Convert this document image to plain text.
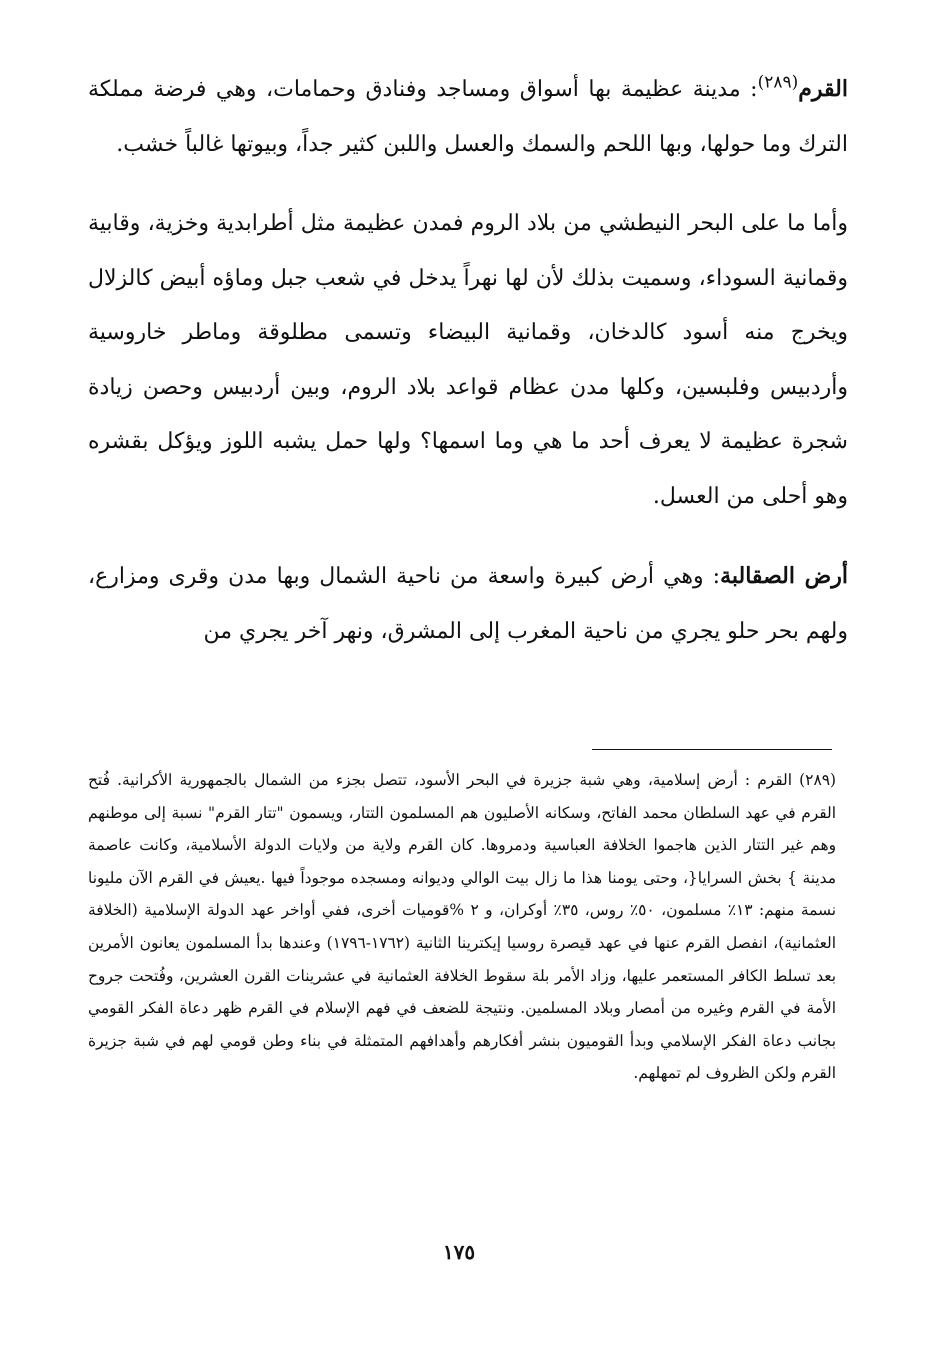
القرم$^{(٢٨٩)}$: مدينة عظيمة بها أسواق ومساجد وفنادق وحمامات، وهي فرضة مملكة الترك وما حولها، وبها اللحم والسمك والعسل واللبن كثير جداً، وبيوتها غالباً خشب.

وأما ما على البحر النيطشي من بلاد الروم فمدن عظيمة مثل أطرابدية وخزية، وقابية وقمانية السوداء، وسميت بذلك لأن لها نهراً يدخل في شعب جبل وماؤه أبيض كالزلال ويخرج منه أسود كالدخان، وقمانية البيضاء وتسمى مطلوقة وماطر خاروسية وأردبيس وفلبسين، وكلها مدن عظام قواعد بلاد الروم، وبين أردبيس وحصن زيادة شجرة عظيمة لا يعرف أحد ما هي وما اسمها؟ ولها حمل يشبه اللوز ويؤكل بقشره وهو أحلى من العسل.

أرض الصقالبة: وهي أرض كبيرة واسعة من ناحية الشمال وبها مدن وقرى ومزارع، ولهم بحر حلو يجري من ناحية المغرب إلى المشرق، ونهر آخر يجري من

(٢٨٩) القرم : أرض إسلامية، وهي شبة جزيرة في البحر الأسود، تتصل بجزء من الشمال بالجمهورية الأكرانية. فُتح القرم في عهد السلطان محمد الفاتح، وسكانه الأصليون هم المسلمون التتار، ويسمون "تتار القرم" نسبة إلى موطنهم وهم غير التتار الذين هاجموا الخلافة العباسية ودمروها. كان القرم ولاية من ولايات الدولة الأسلامية، وكانت عاصمة مدينة } بخش السرايا{، وحتى يومنا هذا ما زال بيت الوالي وديوانه ومسجده موجوداً فيها .يعيش في القرم الآن مليونا نسمة منهم: ١٣٪ مسلمون، ٥٠٪ روس، ٣٥٪ أوكران، و ٢ %قوميات أخرى، ففي أواخر عهد الدولة الإسلامية (الخلافة العثمانية)، انفصل القرم عنها في عهد قيصرة روسيا إيكترينا الثانية (١٧٦٢-١٧٩٦) وعندها بدأ المسلمون يعانون الأمرين بعد تسلط الكافر المستعمر عليها، وزاد الأمر بلة سقوط الخلافة العثمانية في عشرينات القرن العشرين، وفُتحت جروح الأمة في القرم وغيره من أمصار وبلاد المسلمين. ونتيجة للضعف في فهم الإسلام في القرم ظهر دعاة الفكر القومي بجانب دعاة الفكر الإسلامي وبدأ القوميون بنشر أفكارهم وأهدافهم المتمثلة في بناء وطن قومي لهم في شبة جزيرة القرم ولكن الظروف لم تمهلهم.

١٧٥
